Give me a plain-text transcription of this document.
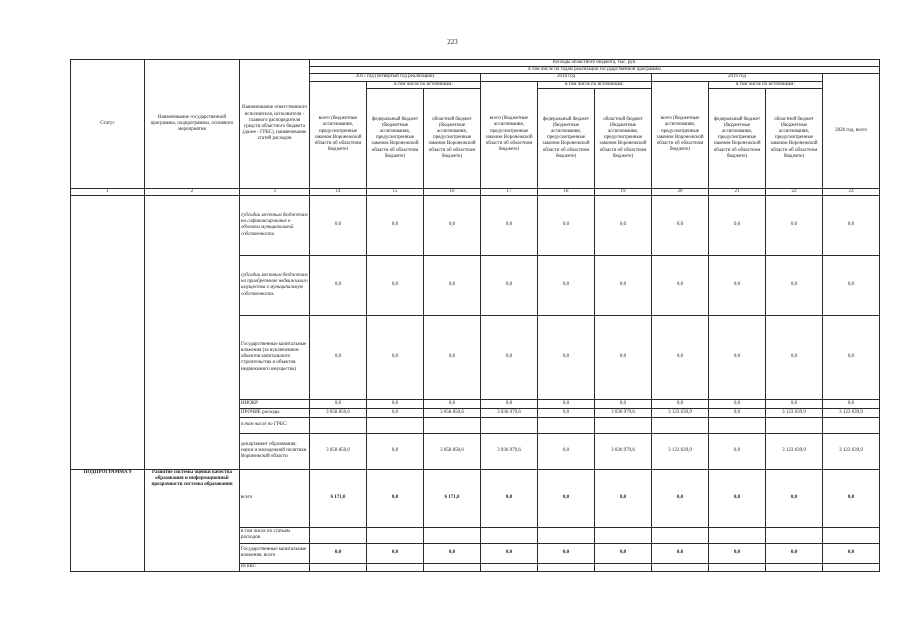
223
Статус	Наименование государственной программы, подпрограммы, основного мероприятия	Наименование ответственного исполнителя, исполнителя - главного распорядителя средств областного бюджета (далее - ГРБС), наименование статей расходов	Расходы областного бюджета, тыс. руб.									
			в том числе по годам реализации государственной программы									
			2017 год (четвертый год реализации)			2018 год			2019 год			2020 год, всего
			всего (бюджетные ассигнования, предусмотренные законом Воронежской области об областном бюджете)	в том числе по источникам:		всего (бюджетные ассигнования, предусмотренные законом Воронежской области об областном бюджете)	в том числе по источникам:		всего (бюджетные ассигнования, предусмотренные законом Воронежской области об областном бюджете)	в том числе по источникам:		
				федеральный бюджет (бюджетные ассигнования, предусмотренные законом Воронежской области об областном бюджете)	областной бюджет (бюджетные ассигнования, предусмотренные законом Воронежской области об областном бюджете)		федеральный бюджет (бюджетные ассигнования, предусмотренные законом Воронежской области об областном бюджете)	областной бюджет (бюджетные ассигнования, предусмотренные законом Воронежской области об областном бюджете)		федеральный бюджет (бюджетные ассигнования, предусмотренные законом Воронежской области об областном бюджете)	областной бюджет (бюджетные ассигнования, предусмотренные законом Воронежской области об областном бюджете)	
1	2	3	14	15	16	17	18	19	20	21	22	23
		субсидии местным бюджетам на софинансирование в объекты муниципальной собственности	0,0	0,0	0,0	0,0	0,0	0,0	0,0	0,0	0,0	0,0
		субсидии местным бюджетам на приобретение недвижимого имущества в муниципальную собственность	0,0	0,0	0,0	0,0	0,0	0,0	0,0	0,0	0,0	0,0
		Государственные капитальные вложения (за исключением объектов капитального строительства и объектов недвижимого имущества)	0,0	0,0	0,0	0,0	0,0	0,0	0,0	0,0	0,0	0,0
		НИОКР	0,0	0,0	0,0	0,0	0,0	0,0	0,0	0,0	0,0	0,0
		ПРОЧИЕ расходы	3 058 850,6	0,0	3 058 850,6	3 036 979,6	0,0	3 036 979,6	3 123 639,9	0,0	3 123 639,9	3 123 639,9
		в том числе по ГРБС:										
		департамент образования, науки и молодежной политики Воронежской области	3 058 850,6	0,0	3 058 850,6	3 036 979,6	0,0	3 036 979,6	3 123 639,9	0,0	3 123 639,9	3 123 639,9
ПОДПРОГРАММА 9	Развитие системы оценки качества образования и информационной прозрачности системы образования	всего	6 171,0	0,0	6 171,0	0,0	0,0	0,0	0,0	0,0	0,0	0,0
		в том числе по статьям расходов										
		Государственные капитальные вложения, всего	0,0	0,0	0,0	0,0	0,0	0,0	0,0	0,0	0,0	0,0
		из них:										
